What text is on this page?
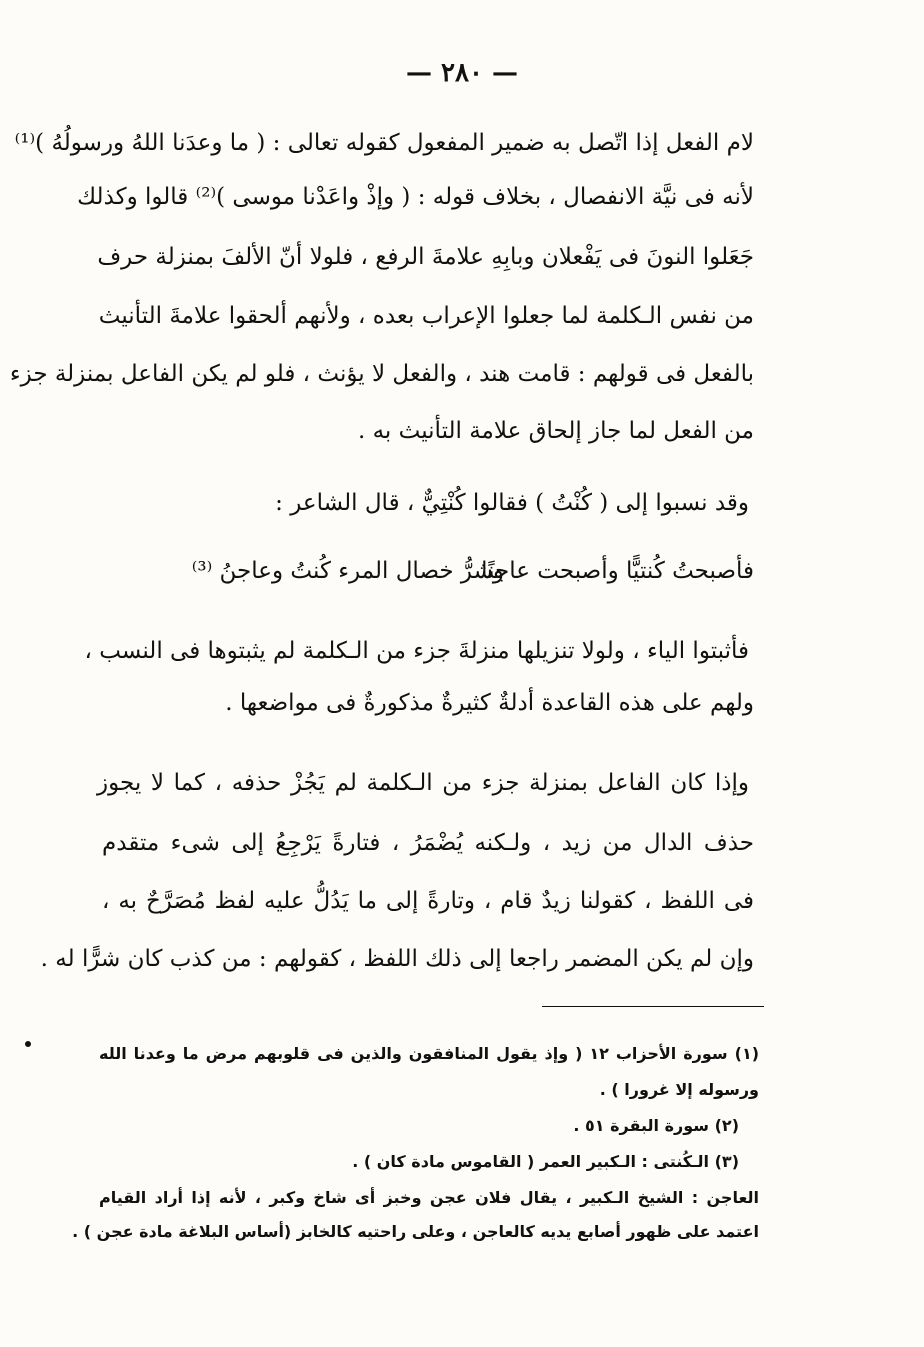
— ٢٨٠ —
لام الفعل إذا اتّصل به ضمير المفعول كقوله تعالى : ( ما وعدَنا اللهُ ورسولُهُ )⁽¹⁾
لأنه فى نيَّة الانفصال ، بخلاف قوله : ( وإذْ واعَدْنا موسى )⁽²⁾ قالوا وكذلك
جَعَلوا النونَ فى يَفْعلان وبابِهِ علامةَ الرفع ، فلولا أنّ الألفَ بمنزلة حرف
من نفس الـكلمة لما جعلوا الإعراب بعده ، ولأنهم ألحقوا علامةَ التأنيث
بالفعل فى قولهم : قامت هند ، والفعل لا يؤنث ، فلو لم يكن الفاعل بمنزلة جزء
من الفعل لما جاز إلحاق علامة التأنيث به .
وقد نسبوا إلى ( كُنْتُ ) فقالوا كُنْتِيٌّ ، قال الشاعر :
فأصبحتُ كُنتيًّا وأصبحت عاجنًا
وشرُّ خصال المرء كُنتُ وعاجنُ ⁽³⁾
فأثبتوا الياء ، ولولا تنزيلها منزلةَ جزء من الـكلمة لم يثبتوها فى النسب ،
ولهم على هذه القاعدة أدلةٌ كثيرةٌ مذكورةٌ فى مواضعها .
وإذا كان الفاعل بمنزلة جزء من الـكلمة لم يَجُزْ حذفه ، كما لا يجوز
حذف الدال من زيد ، ولـكنه يُضْمَرُ ، فتارةً يَرْجِعُ إلى شىء متقدم
فى اللفظ ، كقولنا زيدٌ قام ، وتارةً إلى ما يَدُلُّ عليه لفظ مُصَرَّحٌ به ،
وإن لم يكن المضمر راجعا إلى ذلك اللفظ ، كقولهم : من كذب كان شرًّا له .
(١) سورة الأحزاب ١٢ ( وإذ يقول المنافقون والذين فى قلوبهم مرض ما وعدنا الله
ورسوله إلا غرورا ) .
(٢) سورة البقرة ٥١ .
(٣) الـكُنتى : الـكبير العمر ( القاموس مادة كان ) .
العاجن : الشيخ الـكبير ، يقال فلان عجن وخبز أى شاخ وكبر ، لأنه إذا أراد القيام
اعتمد على ظهور أصابع يديه كالعاجن ، وعلى راحتيه كالخابز (أساس البلاغة مادة عجن ) .
